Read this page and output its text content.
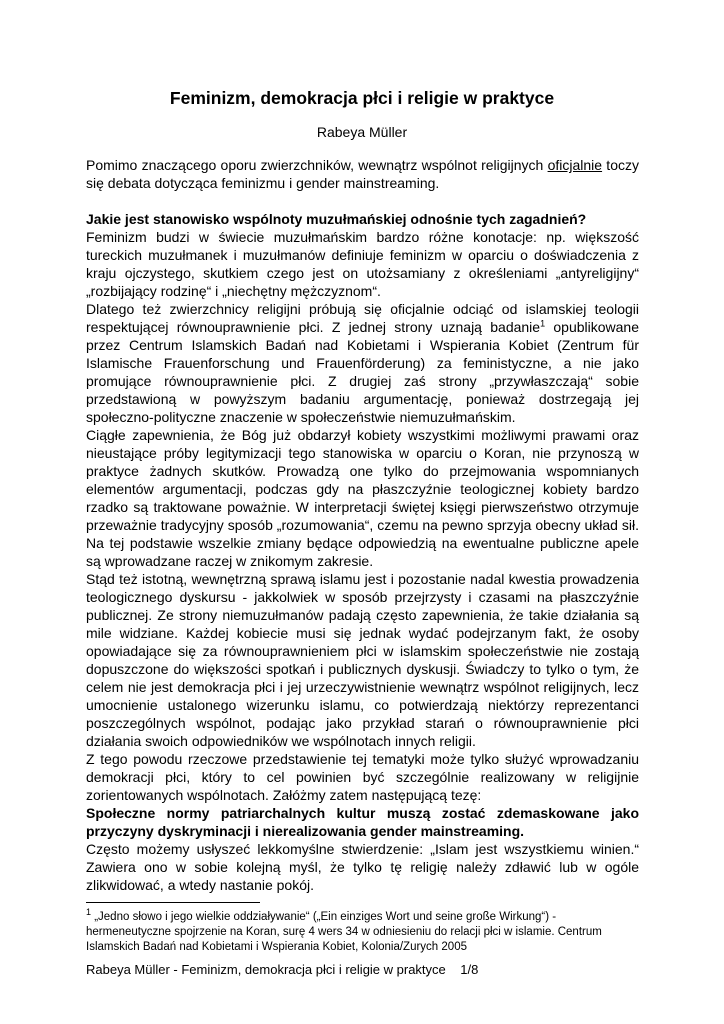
Feminizm, demokracja płci i religie w praktyce
Rabeya Müller

Pomimo znaczącego oporu zwierzchników, wewnątrz wspólnot religijnych oficjalnie toczy się debata dotycząca feminizmu i gender mainstreaming.

Jakie jest stanowisko wspólnoty muzułmańskiej odnośnie tych zagadnień?

Feminizm budzi w świecie muzułmańskim bardzo różne konotacje: np. większość tureckich muzułmanek i muzułmanów definiuje feminizm w oparciu o doświadczenia z kraju ojczystego, skutkiem czego jest on utożsamiany z określeniami „antyreligijny“ „rozbijający rodzinę“ i „niechętny mężczyznom“.

Dlatego też zwierzchnicy religijni próbują się oficjalnie odciąć od islamskiej teologii respektującej równouprawnienie płci. Z jednej strony uznają badanie$^1$ opublikowane przez Centrum Islamskich Badań nad Kobietami i Wspierania Kobiet (Zentrum für Islamische Frauenforschung und Frauenförderung) za feministyczne, a nie jako promujące równouprawnienie płci. Z drugiej zaś strony „przywłaszczają“ sobie przedstawioną w powyższym badaniu argumentację, ponieważ dostrzegają jej społeczno-polityczne znaczenie w społeczeństwie niemuzułmańskim.

Ciągłe zapewnienia, że Bóg już obdarzył kobiety wszystkimi możliwymi prawami oraz nieustające próby legitymizacji tego stanowiska w oparciu o Koran, nie przynoszą w praktyce żadnych skutków. Prowadzą one tylko do przejmowania wspomnianych elementów argumentacji, podczas gdy na płaszczyźnie teologicznej kobiety bardzo rzadko są traktowane poważnie. W interpretacji świętej księgi pierwszeństwo otrzymuje przeważnie tradycyjny sposób „rozumowania“, czemu na pewno sprzyja obecny układ sił. Na tej podstawie wszelkie zmiany będące odpowiedzią na ewentualne publiczne apele są wprowadzane raczej w znikomym zakresie.

Stąd też istotną, wewnętrzną sprawą islamu jest i pozostanie nadal kwestia prowadzenia teologicznego dyskursu - jakkolwiek w sposób przejrzysty i czasami na płaszczyźnie publicznej. Ze strony niemuzułmanów padają często zapewnienia, że takie działania są mile widziane. Każdej kobiecie musi się jednak wydać podejrzanym fakt, że osoby opowiadające się za równouprawnieniem płci w islamskim społeczeństwie nie zostają dopuszczone do większości spotkań i publicznych dyskusji. Świadczy to tylko o tym, że celem nie jest demokracja płci i jej urzeczywistnienie wewnątrz wspólnot religijnych, lecz umocnienie ustalonego wizerunku islamu, co potwierdzają niektórzy reprezentanci poszczególnych wspólnot, podając jako przykład starań o równouprawnienie płci działania swoich odpowiedników we wspólnotach innych religii.

Z tego powodu rzeczowe przedstawienie tej tematyki może tylko służyć wprowadzaniu demokracji płci, który to cel powinien być szczególnie realizowany w religijnie zorientowanych wspólnotach. Załóżmy zatem następującą tezę:

Społeczne normy patriarchalnych kultur muszą zostać zdemaskowane jako przyczyny dyskryminacji i nierealizowania gender mainstreaming.

Często możemy usłyszeć lekkomyślne stwierdzenie: „Islam jest wszystkiemu winien.“ Zawiera ono w sobie kolejną myśl, że tylko tę religię należy zdławić lub w ogóle zlikwidować, a wtedy nastanie pokój.

$^1$ „Jedno słowo i jego wielkie oddziaływanie“ („Ein einziges Wort und seine große Wirkung“) - hermeneutyczne spojrzenie na Koran, surę 4 wers 34 w odniesieniu do relacji płci w islamie. Centrum Islamskich Badań nad Kobietami i Wspierania Kobiet, Kolonia/Zurych 2005
Rabeya Müller - Feminizm, demokracja płci i religie w praktyce 1/8
